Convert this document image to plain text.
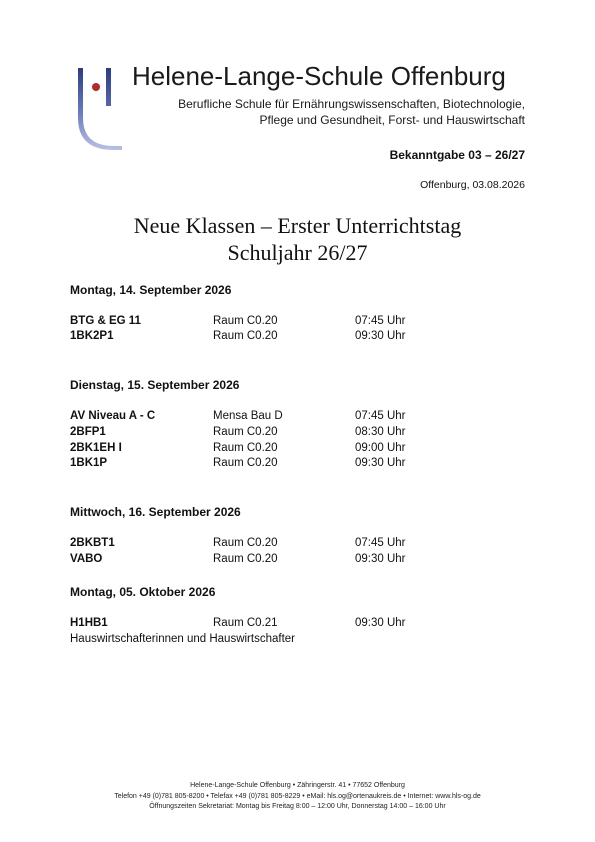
Helene-Lange-Schule Offenburg
Berufliche Schule für Ernährungswissenschaften, Biotechnologie,
Pflege und Gesundheit, Forst- und Hauswirtschaft
Bekanntgabe 03 – 26/27
Offenburg, 03.08.2026
Neue Klassen – Erster Unterrichtstag
Schuljahr 26/27
Montag, 14. September 2026
BTG & EG 11	Raum C0.20	07:45 Uhr
1BK2P1	Raum C0.20	09:30 Uhr
Dienstag, 15. September 2026
AV Niveau A - C	Mensa Bau D	07:45 Uhr
2BFP1	Raum C0.20	08:30 Uhr
2BK1EH I	Raum C0.20	09:00 Uhr
1BK1P	Raum C0.20	09:30 Uhr
Mittwoch, 16. September 2026
2BKBT1	Raum C0.20	07:45 Uhr
VABO	Raum C0.20	09:30 Uhr
Montag, 05. Oktober 2026
H1HB1	Raum C0.21	09:30 Uhr
Hauswirtschafterinnen und Hauswirtschafter
Helene-Lange-Schule Offenburg • Zähringerstr. 41 • 77652 Offenburg
Telefon +49 (0)781 805-8200 • Telefax +49 (0)781 805-8229 • eMail: hls.og@ortenaukreis.de • Internet: www.hls-og.de
Öffnungszeiten Sekretariat: Montag bis Freitag 8:00 – 12:00 Uhr, Donnerstag 14:00 – 16:00 Uhr
